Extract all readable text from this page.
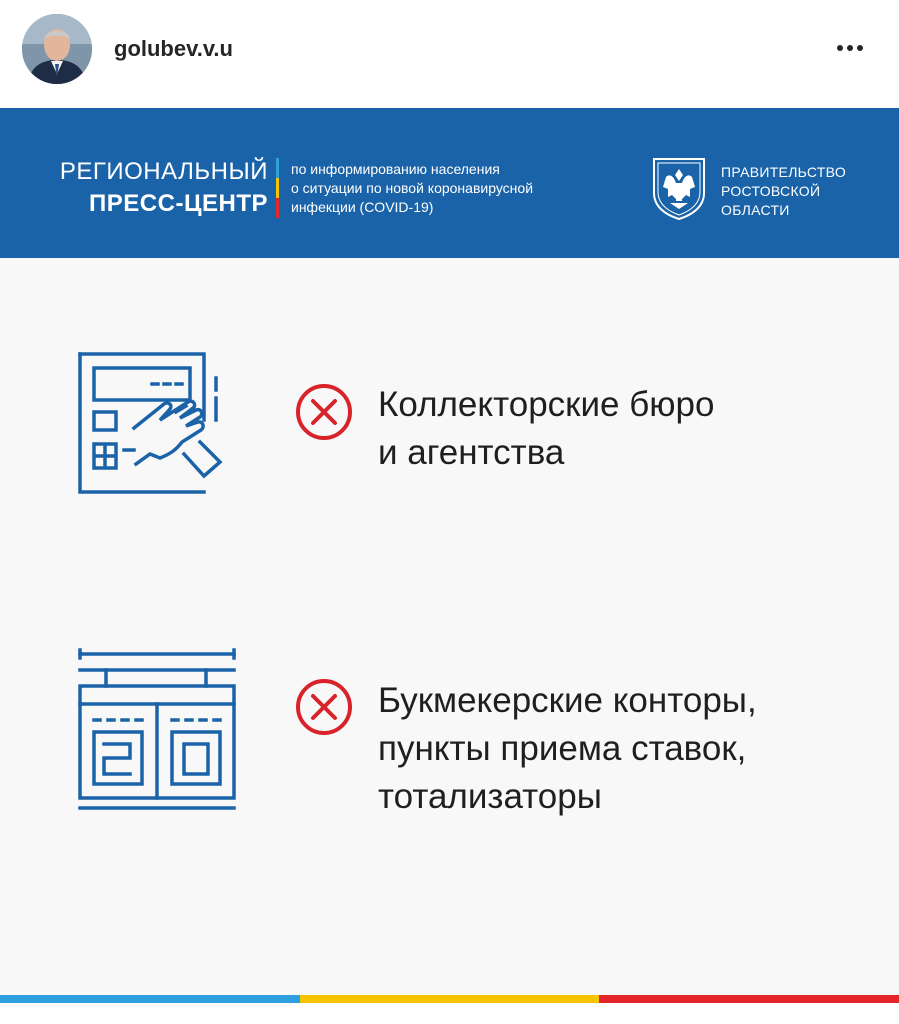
golubev.v.u
РЕГИОНАЛЬНЫЙ
ПРЕСС-ЦЕНТР
по информированию населения
о ситуации по новой коронавирусной
инфекции (COVID-19)
ПРАВИТЕЛЬСТВО
РОСТОВСКОЙ
ОБЛАСТИ
Коллекторские бюро
и агентства
Букмекерские конторы,
пункты приема ставок,
тотализаторы
